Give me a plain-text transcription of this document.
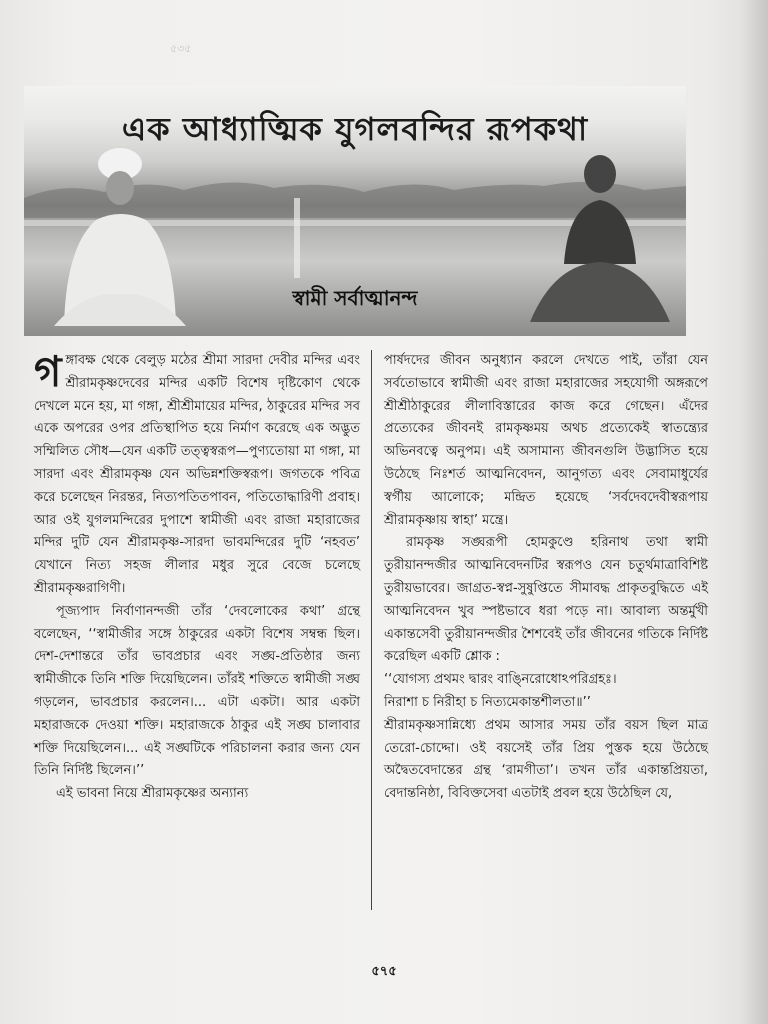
৫৩৫
এক আধ্যাত্মিক যুগলবন্দির রূপকথা
স্বামী সর্বাত্মানন্দ

গঙ্গাবক্ষ থেকে বেলুড় মঠের শ্রীমা সারদা দেবীর মন্দির এবং শ্রীরামকৃষ্ণদেবের মন্দির একটি বিশেষ দৃষ্টিকোণ থেকে দেখলে মনে হয়, মা গঙ্গা, শ্রীশ্রীমায়ের মন্দির, ঠাকুরের মন্দির সব একে অপরের ওপর প্রতিস্থাপিত হয়ে নির্মাণ করেছে এক অদ্ভুত সম্মিলিত সৌধ—যেন একটি তত্ত্বস্বরূপ—পুণ্যতোয়া মা গঙ্গা, মা সারদা এবং শ্রীরামকৃষ্ণ যেন অভিন্নশক্তিস্বরূপ। জগতকে পবিত্র করে চলেছেন নিরন্তর, নিত্যপতিতপাবন, পতিতোদ্ধারিণী প্রবাহ। আর ওই যুগলমন্দিরের দুপাশে স্বামীজী এবং রাজা মহারাজের মন্দির দুটি যেন শ্রীরামকৃষ্ণ-সারদা ভাবমন্দিরের দুটি ‘নহবত’ যেখানে নিত্য সহজ লীলার মধুর সুরে বেজে চলেছে শ্রীরামকৃষ্ণরাগিণী।

পূজ্যপাদ নির্বাণানন্দজী তাঁর ‘দেবলোকের কথা’ গ্রন্থে বলেছেন, ‘‘স্বামীজীর সঙ্গে ঠাকুরের একটা বিশেষ সম্বন্ধ ছিল। দেশ-দেশান্তরে তাঁর ভাবপ্রচার এবং সঙ্ঘ-প্রতিষ্ঠার জন্য স্বামীজীকে তিনি শক্তি দিয়েছিলেন। তাঁরই শক্তিতে স্বামীজী সঙ্ঘ গড়লেন, ভাবপ্রচার করলেন।... এটা একটা। আর একটা মহারাজকে দেওয়া শক্তি। মহারাজকে ঠাকুর এই সঙ্ঘ চালাবার শক্তি দিয়েছিলেন।... এই সঙ্ঘটিকে পরিচালনা করার জন্য যেন তিনি নির্দিষ্ট ছিলেন।’’

এই ভাবনা নিয়ে শ্রীরামকৃষ্ণের অন্যান্য

পার্ষদদের জীবন অনুধ্যান করলে দেখতে পাই, তাঁরা যেন সর্বতোভাবে স্বামীজী এবং রাজা মহারাজের সহযোগী অঙ্গরূপে শ্রীশ্রীঠাকুরের লীলাবিস্তারের কাজ করে গেছেন। এঁদের প্রত্যেকের জীবনই রামকৃষ্ণময় অথচ প্রত্যেকেই স্বাতন্ত্র্যের অভিনবত্বে অনুপম। এই অসামান্য জীবনগুলি উদ্ভাসিত হয়ে উঠেছে নিঃশর্ত আত্মনিবেদন, আনুগত্য এবং সেবামাধুর্যের স্বর্গীয় আলোকে; মন্দ্রিত হয়েছে ‘সর্বদেবদেবীস্বরূপায় শ্রীরামকৃষ্ণায় স্বাহা’ মন্ত্রে।

রামকৃষ্ণ সঙ্ঘরূপী হোমকুণ্ডে হরিনাথ তথা স্বামী তুরীয়ানন্দজীর আত্মনিবেদনটির স্বরূপও যেন চতুর্থমাত্রাবিশিষ্ট তুরীয়ভাবের। জাগ্রত-স্বপ্ন-সুষুপ্তিতে সীমাবদ্ধ প্রাকৃতবুদ্ধিতে এই আত্মনিবেদন খুব স্পষ্টভাবে ধরা পড়ে না। আবাল্য অন্তর্মুখী একান্তসেবী তুরীয়ানন্দজীর শৈশবেই তাঁর জীবনের গতিকে নির্দিষ্ট করেছিল একটি শ্লোক :

‘‘যোগস্য প্রথমং দ্বারং বাঙ্নিরোধোঽপরিগ্রহঃ।

নিরাশা চ নিরীহা চ নিত্যমেকান্তশীলতা॥’’

শ্রীরামকৃষ্ণসান্নিধ্যে প্রথম আসার সময় তাঁর বয়স ছিল মাত্র তেরো-চোদ্দো। ওই বয়সেই তাঁর প্রিয় পুস্তক হয়ে উঠেছে অদ্বৈতবেদান্তের গ্রন্থ ‘রামগীতা’। তখন তাঁর একান্তপ্রিয়তা, বেদান্তনিষ্ঠা, বিবিক্তসেবা এতটাই প্রবল হয়ে উঠেছিল যে,

৫৭৫
